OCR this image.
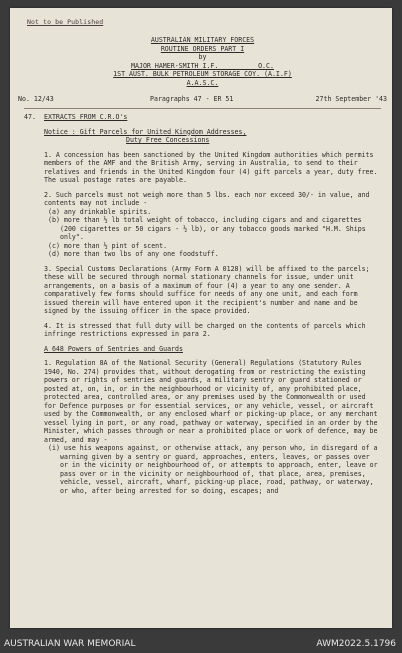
Not to be Published

AUSTRALIAN MILITARY FORCES

ROUTINE ORDERS PART I

by

MAJOR HAMER-SMITH I.F.          O.C.

1ST AUST. BULK PETROLEUM STORAGE COY. (A.I.F)

A.A.S.C.

No. 12/43	Paragraphs 47 - ER 51	27th September '43
47. EXTRACTS FROM C.R.O's

Notice : Gift Parcels for United Kingdom Addresses,

Duty Free Concessions

1. A concession has been sanctioned by the United Kingdom authorities which permits members of the AMF and the British Army, serving in Australia, to send to their relatives and friends in the United Kingdom four (4) gift parcels a year, duty free. The usual postage rates are payable.

2. Such parcels must not weigh more than 5 lbs. each nor exceed 30/- in value, and contents may not include -

(a) any drinkable spirits.

(b) more than ½ lb total weight of tobacco, including cigars and and cigarettes (200 cigarettes or 50 cigars - ½ lb), or any tobacco goods marked "H.M. Ships only".

(c) more than ½ pint of scent.

(d) more than two lbs of any one foodstuff.

3. Special Customs Declarations (Army Form A 0128) will be affixed to the parcels; these will be secured through normal stationary channels for issue, under unit arrangements, on a basis of a maximum of four (4) a year to any one sender. A comparatively few forms should suffice for needs of any one unit, and each form issued therein will have entered upon it the recipient's number and name and be signed by the issuing officer in the space provided.

4. It is stressed that full duty will be charged on the contents of parcels which infringe restrictions expressed in para 2.

A 648 Powers of Sentries and Guards

1. Regulation 8A of the National Security (General) Regulations (Statutory Rules 1940, No. 274) provides that, without derogating from or restricting the existing powers or rights of sentries and guards, a military sentry or guard stationed or posted at, on, in, or in the neighbourhood or vicinity of, any prohibited place, protected area, controlled area, or any premises used by the Commonwealth or used for Defence purposes or for essential services, or any vehicle, vessel, or aircraft used by the Commonwealth, or any enclosed wharf or picking-up place, or any merchant vessel lying in port, or any road, pathway or waterway, specified in an order by the Minister, which passes through or near a prohibited place or work of defence, may be armed, and may -

(i) use his weapons against, or otherwise attack, any person who, in disregard of a warning given by a sentry or guard, approaches, enters, leaves, or passes over or in the vicinity or neighbourhood of, or attempts to approach, enter, leave or pass over or in the vicinity or neighbourhood of, that place, area, premises, vehicle, vessel, aircraft, wharf, picking-up place, road, pathway, or waterway, or who, after being arrested for so doing, escapes; and

AUSTRALIAN WAR MEMORIAL	AWM2022.5.1796
